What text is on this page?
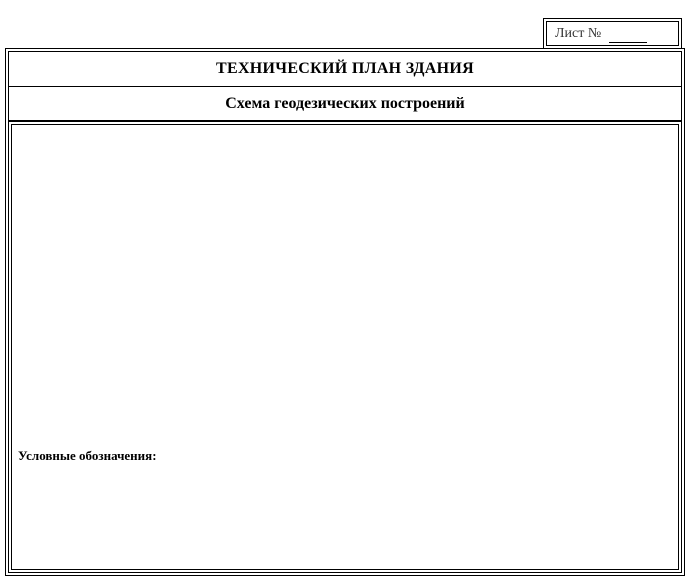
Лист №
ТЕХНИЧЕСКИЙ ПЛАН ЗДАНИЯ
Схема геодезических построений
Условные обозначения:
